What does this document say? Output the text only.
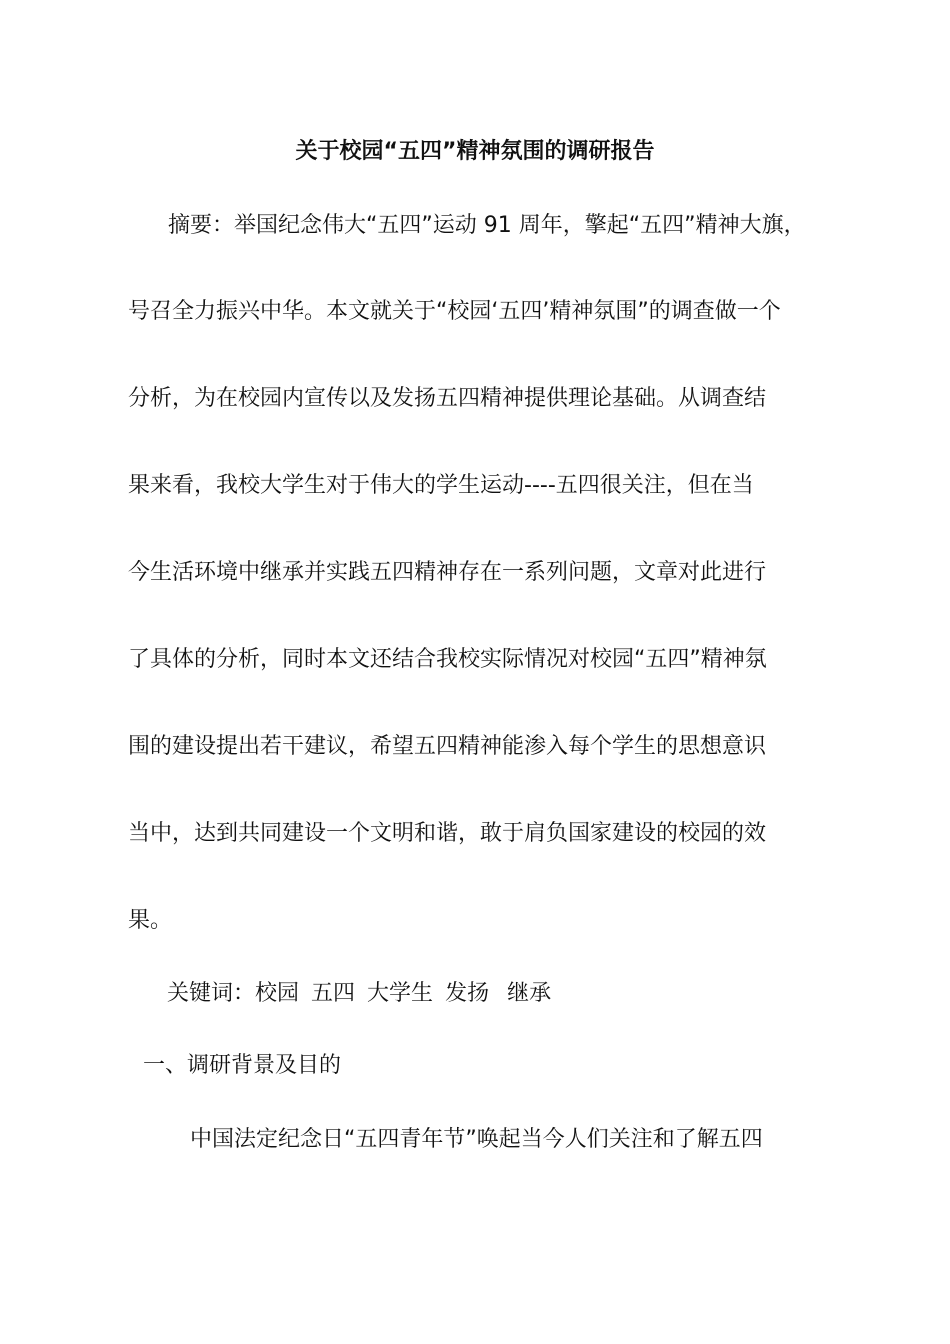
关于校园“五四”精神氛围的调研报告
摘要：举国纪念伟大“五四”运动 91 周年，擎起“五四”精神大旗，
号召全力振兴中华。本文就关于“校园‘五四’精神氛围”的调查做一个
分析，为在校园内宣传以及发扬五四精神提供理论基础。从调查结
果来看，我校大学生对于伟大的学生运动----五四很关注，但在当
今生活环境中继承并实践五四精神存在一系列问题，文章对此进行
了具体的分析，同时本文还结合我校实际情况对校园“五四”精神氛
围的建设提出若干建议，希望五四精神能渗入每个学生的思想意识
当中，达到共同建设一个文明和谐，敢于肩负国家建设的校园的效
果。
关键词：校园 五四 大学生 发扬 继承
一、调研背景及目的
中国法定纪念日“五四青年节”唤起当今人们关注和了解五四
